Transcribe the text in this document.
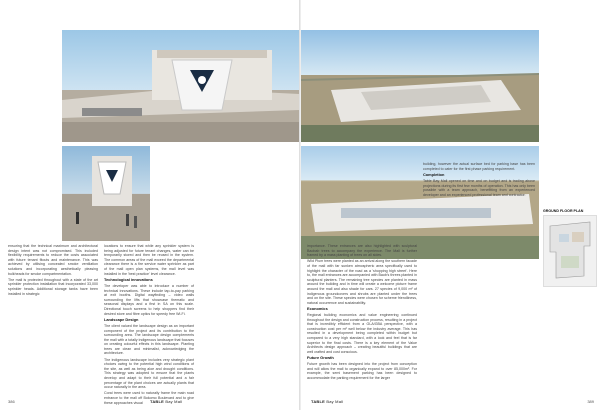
ensuring that the technical maximum and architectural design intent was not compromised. This included flexibility requirements to reduce the costs associated with future tenant fitouts and maintenance. This was achieved by utilising concealed smoke ventilation solutions and incorporating aesthetically pleasing bulkheads for smoke compartmentation.

The mall is protected throughout with a state of the art sprinkler protection installation that incorporated 33,000 sprinkler heads. Additional storage tanks have been installed in strategic

locations to ensure that while any sprinkler system is being adjusted for future tenant changes, water can be temporarily stored and then be reused in the system. The common areas of the mall exceed the departmental clearance there is a fire service water sprinkler as part of the mall open plan systems, the mall level was installed in the 'best practice' level clearance.

Technological innovations

The developer was able to introduce a number of technical innovations. These include tap-to-pay parking at exit booths. Digital wayfinding – video walls surrounding the lifts that showcase thematic and seasonal displays and a first in SA on this scale. Directional touch screens to help shoppers find their desired store and fibre optics for speedy free Wi-Fi.

Landscape Design

The client valued the landscape design as an important component of the project and its contribution to the surrounding area. The landscape design complements the mall with a totally indigenous landscape that focuses on creating colourful effects in this landscape. Planting trees are clean and minimalist, acknowledging the architecture.

The indigenous landscape includes very strategic plant choices owing to the potential high wind conditions of the site, as well as being aloe and drought conditions. This strategy was adopted to ensure that the plants develop and adapt to their full potential and a fair percentage of the plant choices are actually plants that occur naturally in the area.

Coral trees were used to naturally frame the main road entrance to the mall off Bokomo Boulevard and to give these approaches visual

386	TABLE Bay Mall

importance. These entrances are also highlighted with sculptural Baobab trees to accompany the experience. The Mall is further framed by a mass planting of trees on all sides.

Wild Plum trees were planted as an arrival along the southern facade of the mall with far sunken atmospheric area specifically used to highlight the character of the road as a 'shopping high street'. Here to, the mall entrances are accompanied with Baob's threes planted in sculptural planters. The remaining tree species are planted in mass around the building and in time will create a welcome picture frame around the mall and also shade for cars. 27 species of 9,000 m² of indigenous groundcovers and shrubs are planted under the trees and on the site. These species were chosen for scheme friendliness, natural occurrence and sustainability.

Economics

Regional building economics and value engineering continued throughout the design and construction process, resulting in a project that is incredibly efficient from a GLA/GBA perspective, with a construction cost per m² well below the industry average. This has resulted in a development being completed within budget but compared to a very high standard, with a look and feel that is far superior to the final costs. There is a key element of the Value Architects design approach – creating beautiful buildings that are well crafted and cost conscious.

Future Growth

Future growth has been designed into the project from conception and will allow the mall to organically expand to over 85,000m². For example, the semi basement parking has been designed to accommodate the parking requirement for the larger

building, however the actual surface bed for parking base has been completed to cater for the first phase parking requirement.

Completion

Table Bay Mall opened on time and on budget and is trading above projections during its first few months of operation. This has only been possible with a team approach, benefitting from an experienced developer and an experienced professional team and contractor.

GROUND FLOOR PLAN
TABLE Bay Mall	389
